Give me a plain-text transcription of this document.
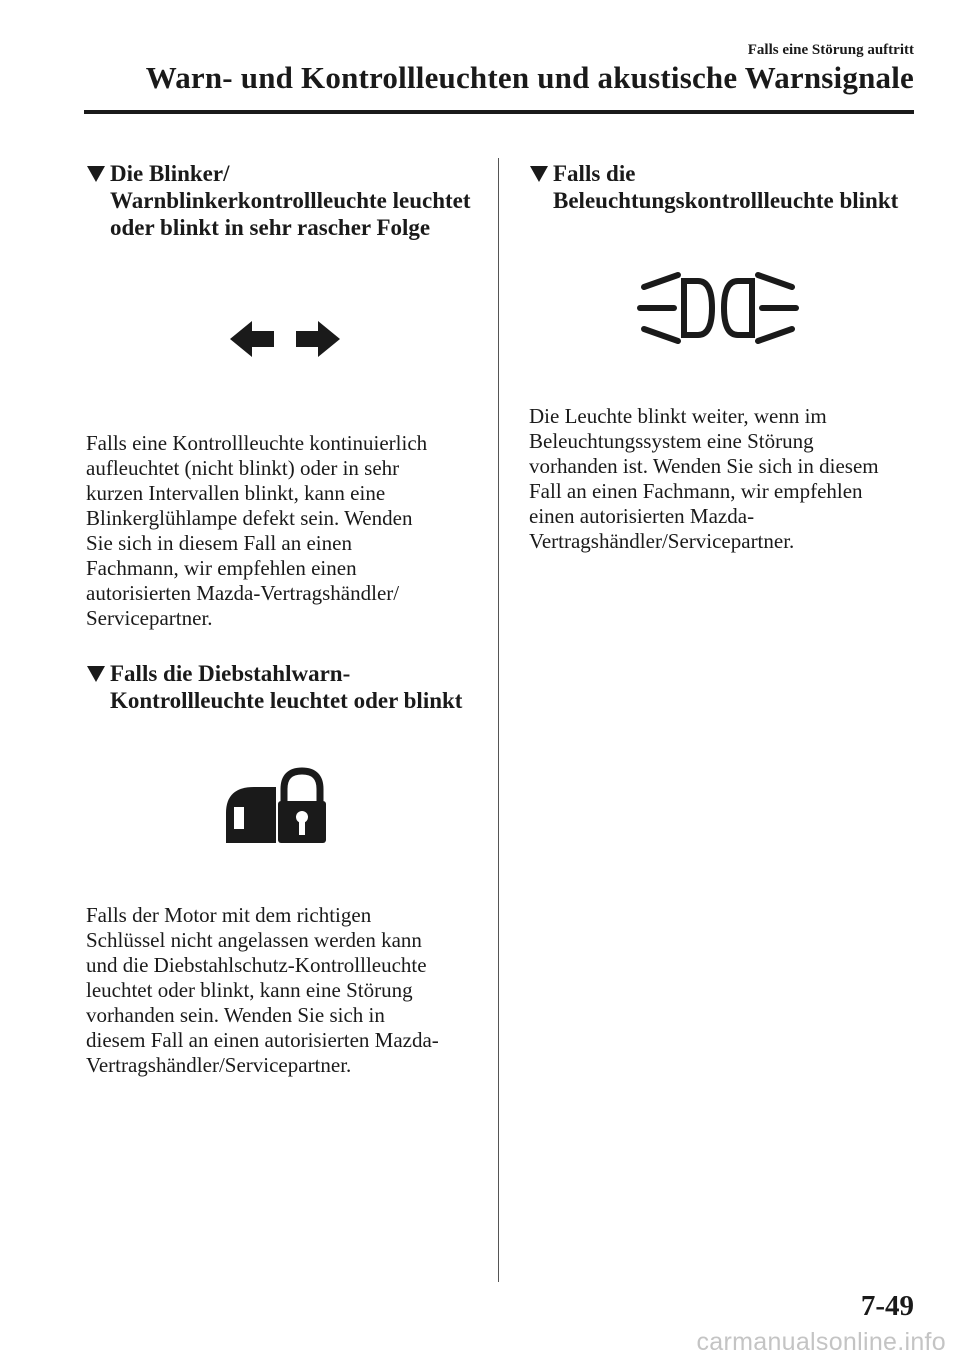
Falls eine Störung auftritt
Warn- und Kontrollleuchten und akustische Warnsignale
Die Blinker/
Warnblinkerkontrollleuchte leuchtet
oder blinkt in sehr rascher Folge
Falls eine Kontrollleuchte kontinuierlich
aufleuchtet (nicht blinkt) oder in sehr
kurzen Intervallen blinkt, kann eine
Blinkerglühlampe defekt sein. Wenden
Sie sich in diesem Fall an einen
Fachmann, wir empfehlen einen
autorisierten Mazda-Vertragshändler/
Servicepartner.
Falls die Diebstahlwarn-
Kontrollleuchte leuchtet oder blinkt
Falls der Motor mit dem richtigen
Schlüssel nicht angelassen werden kann
und die Diebstahlschutz-Kontrollleuchte
leuchtet oder blinkt, kann eine Störung
vorhanden sein. Wenden Sie sich in
diesem Fall an einen autorisierten Mazda-
Vertragshändler/Servicepartner.
Falls die
Beleuchtungskontrollleuchte blinkt
Die Leuchte blinkt weiter, wenn im
Beleuchtungssystem eine Störung
vorhanden ist. Wenden Sie sich in diesem
Fall an einen Fachmann, wir empfehlen
einen autorisierten Mazda-
Vertragshändler/Servicepartner.
7-49
carmanualsonline.info
